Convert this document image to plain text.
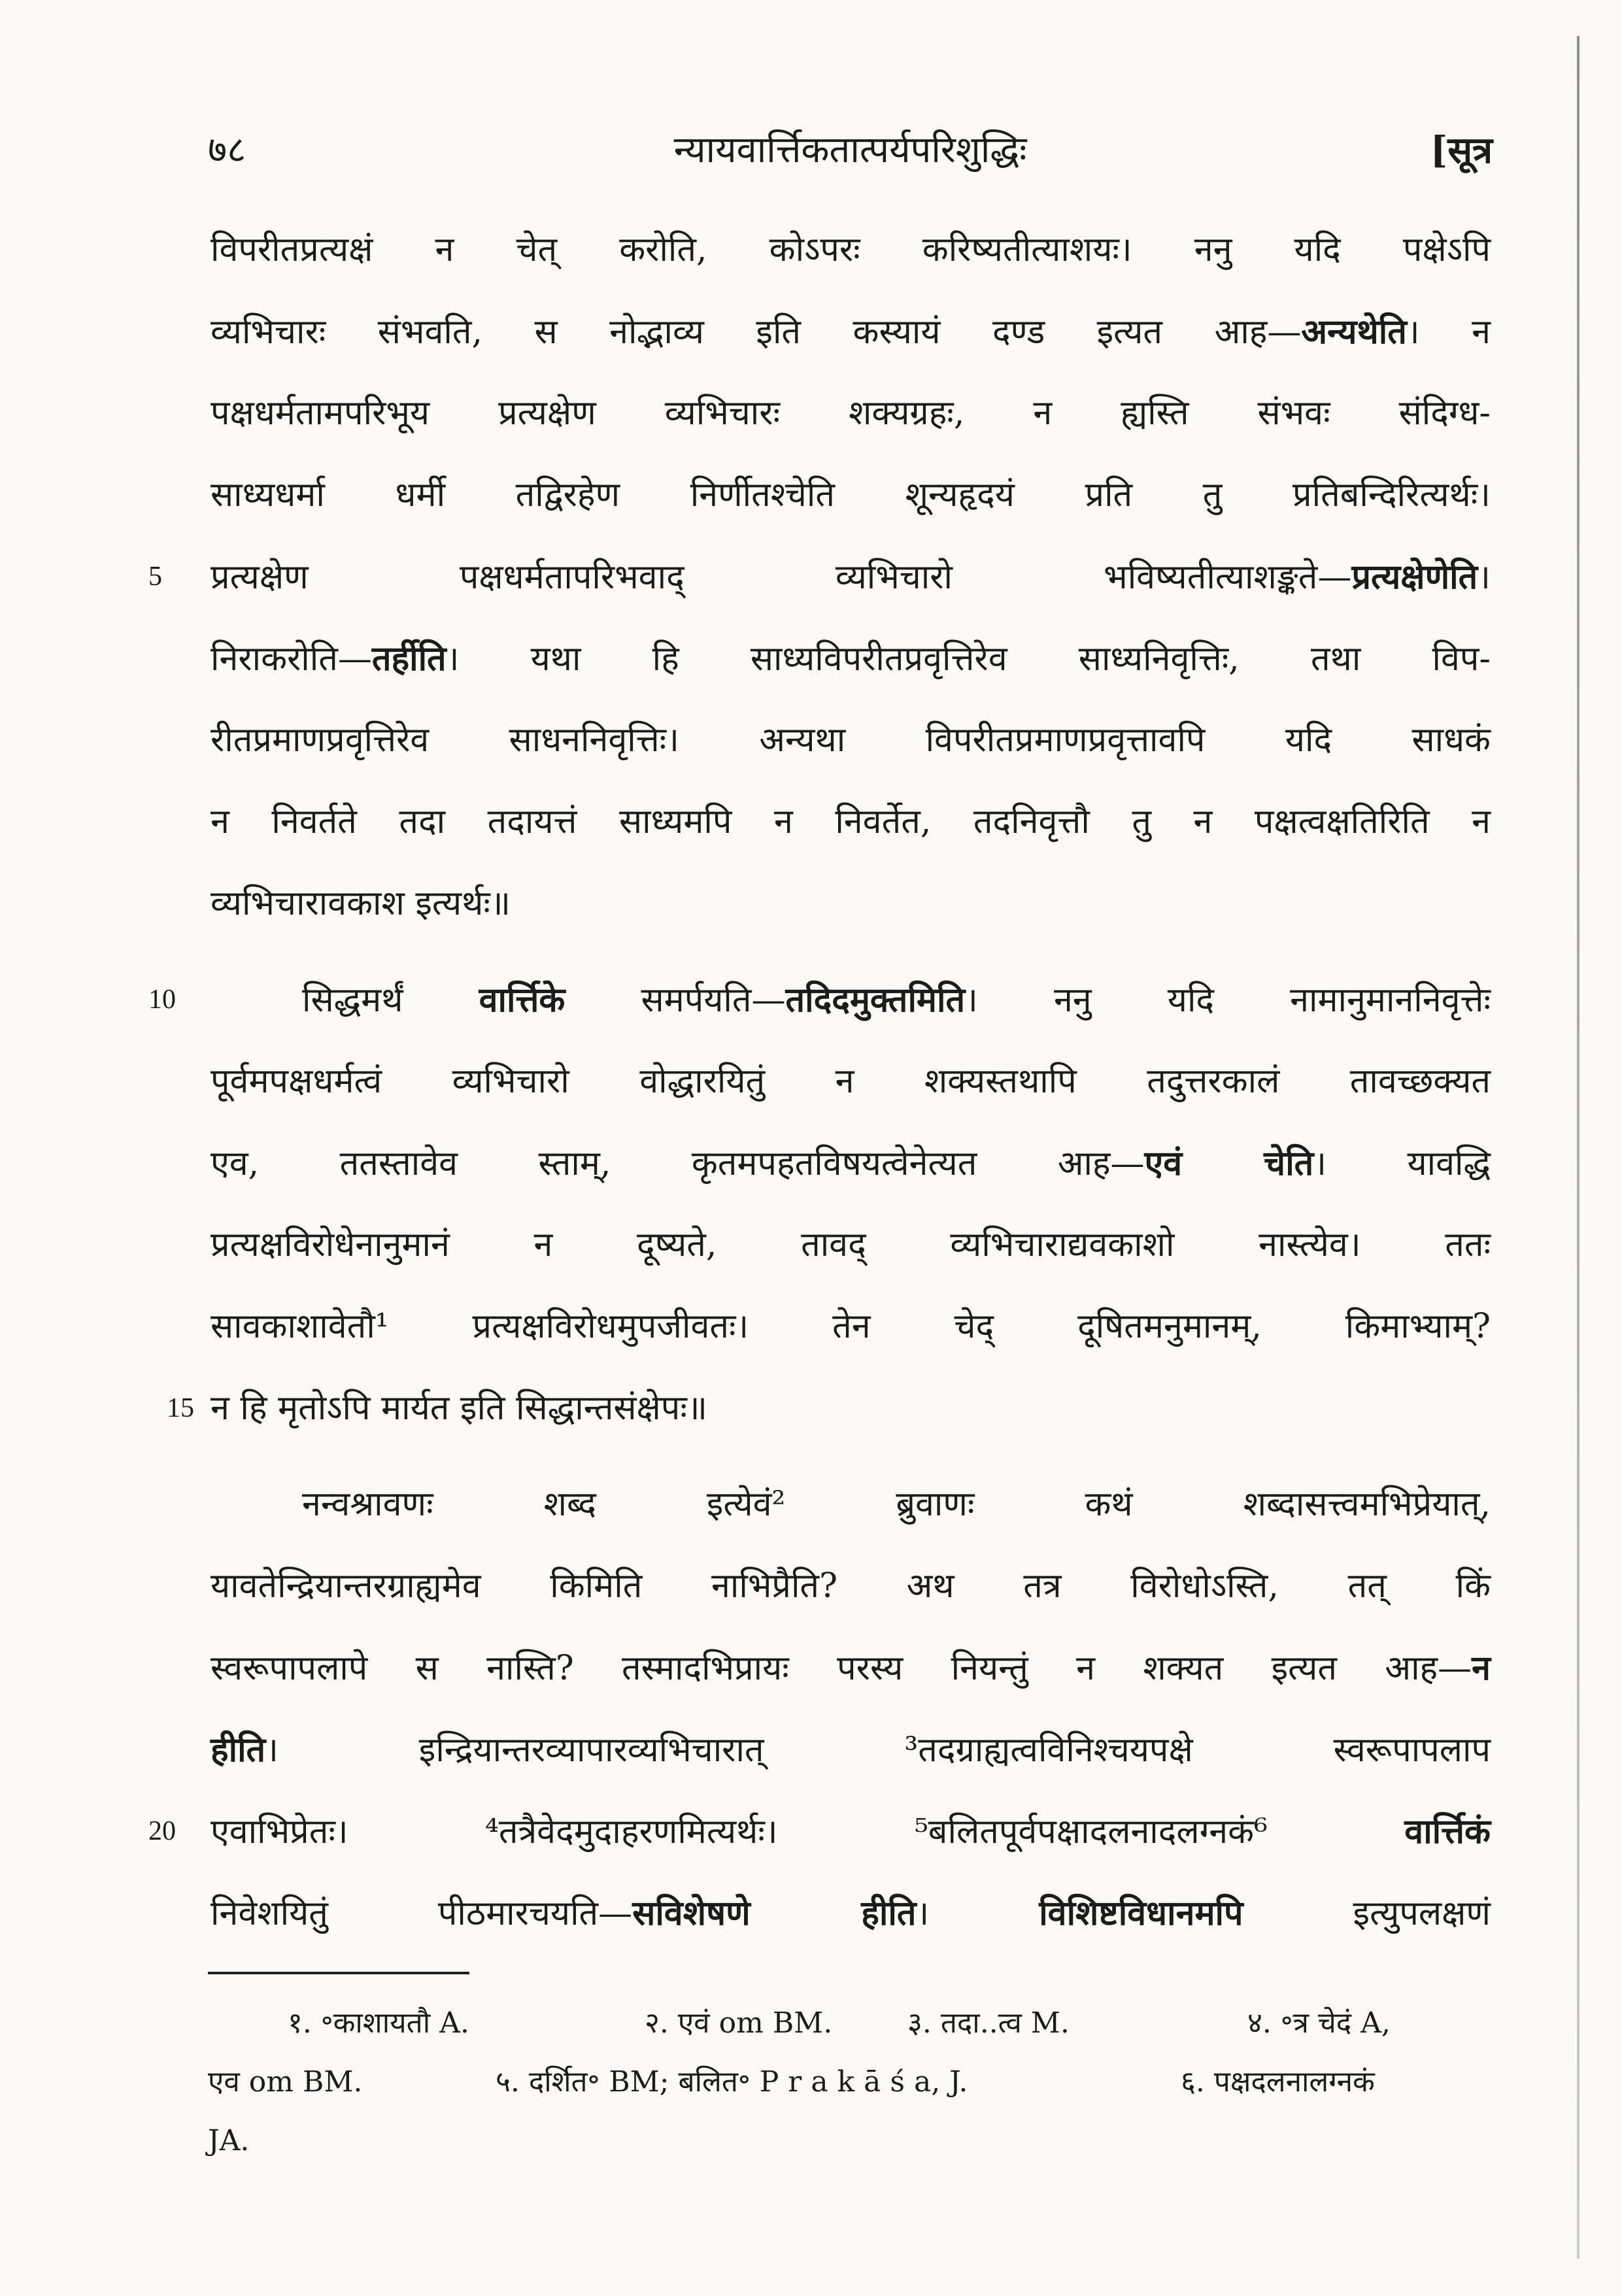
७८	न्यायवार्त्तिकतात्पर्यपरिशुद्धिः	[सूत्र
विपरीतप्रत्यक्षं न चेत् करोति, कोऽपरः करिष्यतीत्याशयः। ननु यदि पक्षेऽपि
व्यभिचारः संभवति, स नोद्भाव्य इति कस्यायं दण्ड इत्यत आह—अन्यथेति। न
पक्षधर्मतामपरिभूय प्रत्यक्षेण व्यभिचारः शक्यग्रहः, न ह्यस्ति संभवः संदिग्ध-
साध्यधर्मा धर्मी तद्विरहेण निर्णीतश्चेति शून्यहृदयं प्रति तु प्रतिबन्दिरित्यर्थः।
5	प्रत्यक्षेण पक्षधर्मतापरिभवाद् व्यभिचारो भविष्यतीत्याशङ्कते—प्रत्यक्षेणेति।
निराकरोति—तर्हीति। यथा हि साध्यविपरीतप्रवृत्तिरेव साध्यनिवृत्तिः, तथा विप-
रीतप्रमाणप्रवृत्तिरेव साधननिवृत्तिः। अन्यथा विपरीतप्रमाणप्रवृत्तावपि यदि साधकं
न निवर्तते तदा तदायत्तं साध्यमपि न निवर्तेत, तदनिवृत्तौ तु न पक्षत्वक्षतिरिति न
व्यभिचारावकाश इत्यर्थः॥
10	सिद्धमर्थं वार्त्तिके समर्पयति—तदिदमुक्तमिति। ननु यदि नामानुमाननिवृत्तेः
पूर्वमपक्षधर्मत्वं व्यभिचारो वोद्धारयितुं न शक्यस्तथापि तदुत्तरकालं तावच्छक्यत
एव, ततस्तावेव स्ताम्, कृतमपहतविषयत्वेनेत्यत आह—एवं चेति। यावद्धि
प्रत्यक्षविरोधेनानुमानं न दूष्यते, तावद् व्यभिचाराद्यवकाशो नास्त्येव। ततः
सावकाशावेतौ¹ प्रत्यक्षविरोधमुपजीवतः। तेन चेद् दूषितमनुमानम्, किमाभ्याम्?
15 न हि मृतोऽपि मार्यत इति सिद्धान्तसंक्षेपः॥
नन्वश्रावणः शब्द इत्येवं² ब्रुवाणः कथं शब्दासत्त्वमभिप्रेयात्,
यावतेन्द्रियान्तरग्राह्यमेव किमिति नाभिप्रैति? अथ तत्र विरोधोऽस्ति, तत् किं
स्वरूपापलापे स नास्ति? तस्मादभिप्रायः परस्य नियन्तुं न शक्यत इत्यत आह—न
हीति। इन्द्रियान्तरव्यापारव्यभिचारात् ³तदग्राह्यत्वविनिश्चयपक्षे स्वरूपापलाप
20	एवाभिप्रेतः। ⁴तत्रैवेदमुदाहरणमित्यर्थः। ⁵बलितपूर्वपक्षादलनादलग्नकं⁶ वार्त्तिकं
निवेशयितुं पीठमारचयति—सविशेषणे हीति। विशिष्टविधानमपि इत्युपलक्षणं
१. ॰काशायतौ A.	२. एवं om BM.	३. तदा..त्व M.	४. ॰त्र चेदं A,
एव om BM.	५. दर्शित॰ BM; बलित॰ P r a k ā ś a, J.	६. पक्षदलनालग्नकं
JA.
